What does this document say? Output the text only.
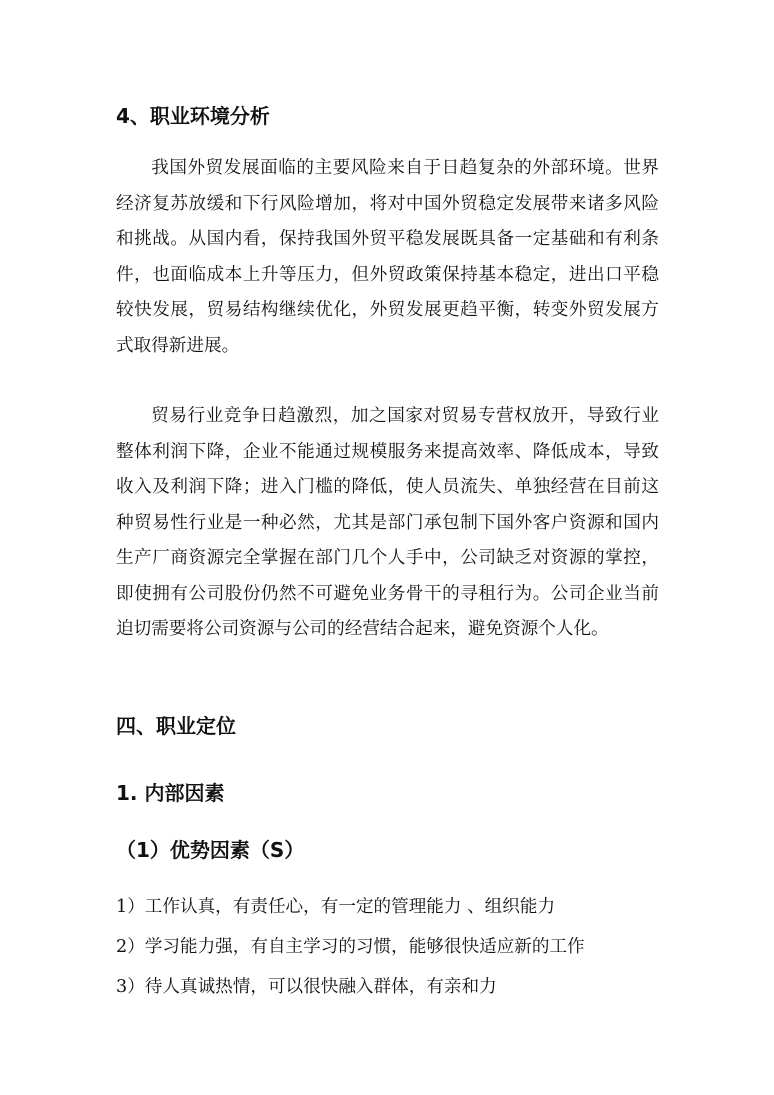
4、职业环境分析

我国外贸发展面临的主要风险来自于日趋复杂的外部环境。世界经济复苏放缓和下行风险增加，将对中国外贸稳定发展带来诸多风险和挑战。从国内看，保持我国外贸平稳发展既具备一定基础和有利条件，也面临成本上升等压力，但外贸政策保持基本稳定，进出口平稳较快发展，贸易结构继续优化，外贸发展更趋平衡，转变外贸发展方式取得新进展。

贸易行业竞争日趋激烈，加之国家对贸易专营权放开，导致行业整体利润下降，企业不能通过规模服务来提高效率、降低成本，导致收入及利润下降；进入门槛的降低，使人员流失、单独经营在目前这种贸易性行业是一种必然，尤其是部门承包制下国外客户资源和国内生产厂商资源完全掌握在部门几个人手中，公司缺乏对资源的掌控，即使拥有公司股份仍然不可避免业务骨干的寻租行为。公司企业当前迫切需要将公司资源与公司的经营结合起来，避免资源个人化。

四、职业定位
1. 内部因素
（1）优势因素（S）
1）工作认真，有责任心，有一定的管理能力 、组织能力
2）学习能力强，有自主学习的习惯，能够很快适应新的工作
3）待人真诚热情，可以很快融入群体，有亲和力
